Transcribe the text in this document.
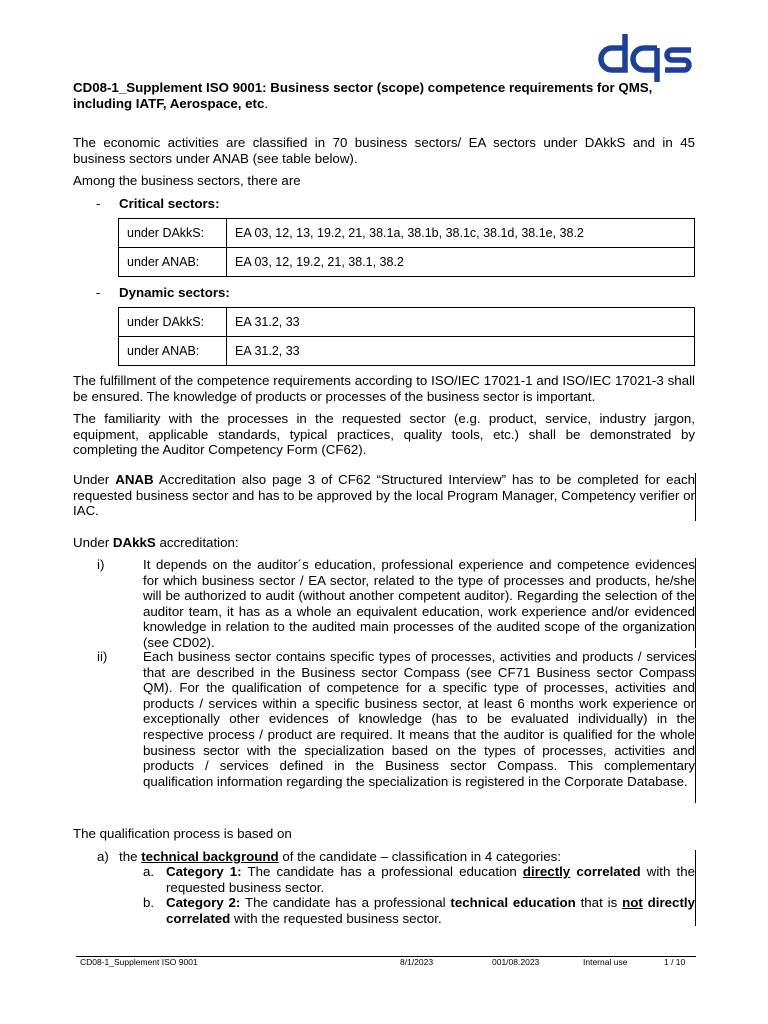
CD08-1_Supplement ISO 9001: Business sector (scope) competence requirements for QMS, including IATF, Aerospace, etc.
The economic activities are classified in 70 business sectors/ EA sectors under DAkkS and in 45 business sectors under ANAB (see table below).
Among the business sectors, there are
- Critical sectors:
under DAkkS:	EA 03, 12, 13, 19.2, 21, 38.1a, 38.1b, 38.1c, 38.1d, 38.1e, 38.2
under ANAB:	EA 03, 12, 19.2, 21, 38.1, 38.2
- Dynamic sectors:
under DAkkS:	EA 31.2, 33
under ANAB:	EA 31.2, 33
The fulfillment of the competence requirements according to ISO/IEC 17021-1 and ISO/IEC 17021-3 shall be ensured. The knowledge of products or processes of the business sector is important.
The familiarity with the processes in the requested sector (e.g. product, service, industry jargon, equipment, applicable standards, typical practices, quality tools, etc.) shall be demonstrated by completing the Auditor Competency Form (CF62).
Under ANAB Accreditation also page 3 of CF62 “Structured Interview” has to be completed for each requested business sector and has to be approved by the local Program Manager, Competency verifier or IAC.
Under DAkkS accreditation:
i)	It depends on the auditor´s education, professional experience and competence evidences for which business sector / EA sector, related to the type of processes and products, he/she will be authorized to audit (without another competent auditor). Regarding the selection of the auditor team, it has as a whole an equivalent education, work experience and/or evidenced knowledge in relation to the audited main processes of the audited scope of the organization (see CD02).
ii)	Each business sector contains specific types of processes, activities and products / services that are described in the Business sector Compass (see CF71 Business sector Compass QM). For the qualification of competence for a specific type of processes, activities and products / services within a specific business sector, at least 6 months work experience or exceptionally other evidences of knowledge (has to be evaluated individually) in the respective process / product are required. It means that the auditor is qualified for the whole business sector with the specialization based on the types of processes, activities and products / services defined in the Business sector Compass. This complementary qualification information regarding the specialization is registered in the Corporate Database.
The qualification process is based on
a) the technical background of the candidate – classification in 4 categories:
a. Category 1: The candidate has a professional education directly correlated with the requested business sector.
b. Category 2: The candidate has a professional technical education that is not directly correlated with the requested business sector.
CD08-1_Supplement ISO 9001	8/1/2023	001/08.2023	Internal use	1 / 10
